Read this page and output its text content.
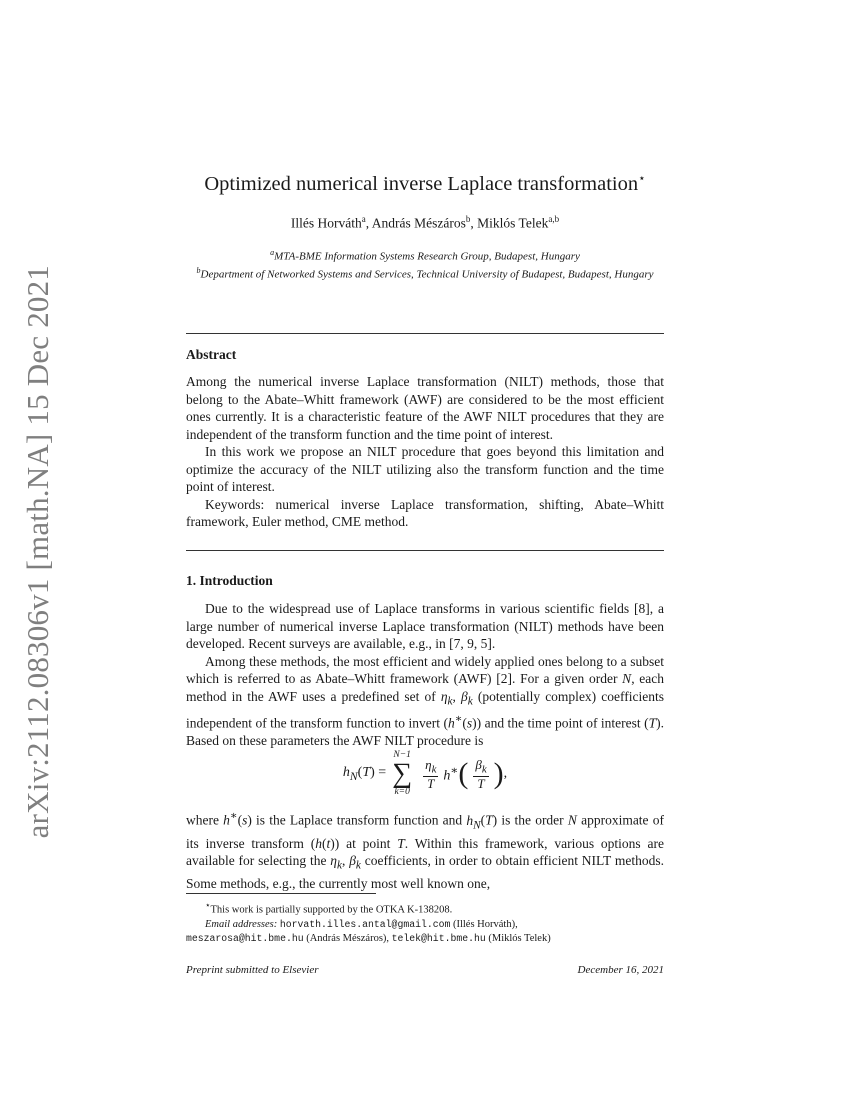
arXiv:2112.08306v1 [math.NA] 15 Dec 2021
Optimized numerical inverse Laplace transformation⋆
Illés Horváth$^a$, András Mészáros$^b$, Miklós Telek$^{a,b}$
$^a$MTA-BME Information Systems Research Group, Budapest, Hungary
$^b$Department of Networked Systems and Services, Technical University of Budapest, Budapest, Hungary
Abstract

Among the numerical inverse Laplace transformation (NILT) methods, those that belong to the Abate–Whitt framework (AWF) are considered to be the most efficient ones currently. It is a characteristic feature of the AWF NILT procedures that they are independent of the transform function and the time point of interest.

In this work we propose an NILT procedure that goes beyond this limitation and optimize the accuracy of the NILT utilizing also the transform function and the time point of interest.

Keywords: numerical inverse Laplace transformation, shifting, Abate–Whitt framework, Euler method, CME method.

1. Introduction

Due to the widespread use of Laplace transforms in various scientific fields [8], a large number of numerical inverse Laplace transformation (NILT) methods have been developed. Recent surveys are available, e.g., in [7, 9, 5].

Among these methods, the most efficient and widely applied ones belong to a subset which is referred to as Abate–Whitt framework (AWF) [2]. For a given order N, each method in the AWF uses a predefined set of $\eta_k$, $\beta_k$ (potentially complex) coefficients independent of the transform function to invert (h∗(s)) and the time point of interest (T). Based on these parameters the AWF NILT procedure is

$h_N(T)$ =
N−1
∑
k=0
$\frac{\eta_k}{T} h^∗$ ( $\frac{\beta_k}{T}$ ) ,

where h∗(s) is the Laplace transform function and $h_N(T)$ is the order N approximate of its inverse transform (h(t)) at point T. Within this framework, various options are available for selecting the $\eta_k$, $\beta_k$ coefficients, in order to obtain efficient NILT methods. Some methods, e.g., the currently most well known one,

⋆This work is partially supported by the OTKA K-138208.

Email addresses: horvath.illes.antal@gmail.com (Illés Horváth),

meszarosa@hit.bme.hu (András Mészáros), telek@hit.bme.hu (Miklós Telek)

Preprint submitted to Elsevier	December 16, 2021
